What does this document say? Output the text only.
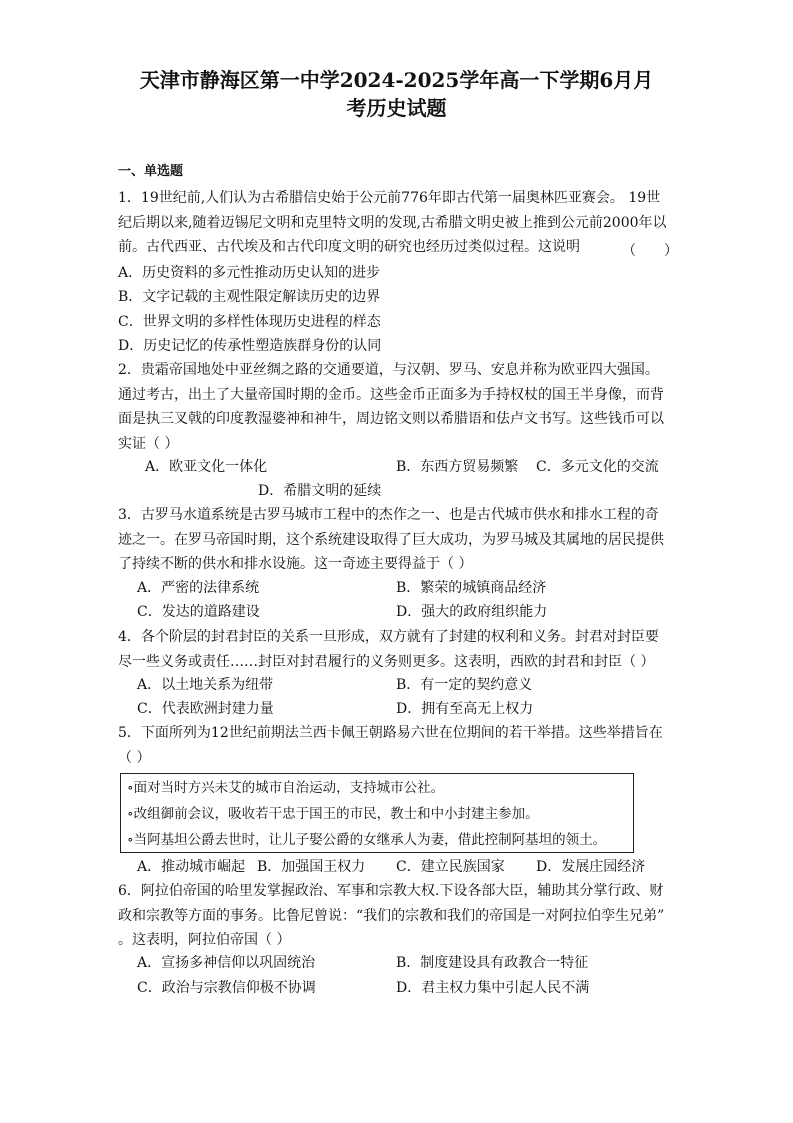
天津市静海区第一中学2024-2025学年高一下学期6月月
考历史试题
一、单选题
1．19世纪前,人们认为古希腊信史始于公元前776年即古代第一届奥林匹亚赛会。 19世
纪后期以来,随着迈锡尼文明和克里特文明的发现,古希腊文明史被上推到公元前2000年以
前。古代西亚、古代埃及和古代印度文明的研究也经历过类似过程。这说明	（　　）
A．历史资料的多元性推动历史认知的进步
B．文字记载的主观性限定解读历史的边界
C．世界文明的多样性体现历史进程的样态
D．历史记忆的传承性塑造族群身份的认同
2．贵霜帝国地处中亚丝绸之路的交通要道，与汉朝、罗马、安息并称为欧亚四大强国。
通过考古，出土了大量帝国时期的金币。这些金币正面多为手持权杖的国王半身像，而背
面是执三叉戟的印度教湿婆神和神牛，周边铭文则以希腊语和佉卢文书写。这些钱币可以
实证（ ）
A．欧亚文化一体化	B．东西方贸易频繁 C．多元文化的交流
D．希腊文明的延续
3．古罗马水道系统是古罗马城市工程中的杰作之一、也是古代城市供水和排水工程的奇
迹之一。在罗马帝国时期，这个系统建设取得了巨大成功，为罗马城及其属地的居民提供
了持续不断的供水和排水设施。这一奇迹主要得益于（ ）
A．严密的法律系统	B．繁荣的城镇商品经济
C．发达的道路建设	D．强大的政府组织能力
4．各个阶层的封君封臣的关系一旦形成，双方就有了封建的权利和义务。封君对封臣要
尽一些义务或责任……封臣对封君履行的义务则更多。这表明，西欧的封君和封臣（ ）
A．以土地关系为纽带	B．有一定的契约意义
C．代表欧洲封建力量	D．拥有至高无上权力
5．下面所列为12世纪前期法兰西卡佩王朝路易六世在位期间的若干举措。这些举措旨在
（ ）
∘面对当时方兴未艾的城市自治运动，支持城市公社。
∘改组御前会议，吸收若干忠于国王的市民，教士和中小封建主参加。
∘当阿基坦公爵去世时，让儿子娶公爵的女继承人为妻，借此控制阿基坦的领土。
A．推动城市崛起 B．加强国王权力 C．建立民族国家 D．发展庄园经济
6．阿拉伯帝国的哈里发掌握政治、军事和宗教大权.下设各部大臣，辅助其分掌行政、财
政和宗教等方面的事务。比鲁尼曾说：“我们的宗教和我们的帝国是一对阿拉伯孪生兄弟”
。这表明，阿拉伯帝国（ ）
A．宣扬多神信仰以巩固统治	B．制度建设具有政教合一特征
C．政治与宗教信仰极不协调	D．君主权力集中引起人民不满
